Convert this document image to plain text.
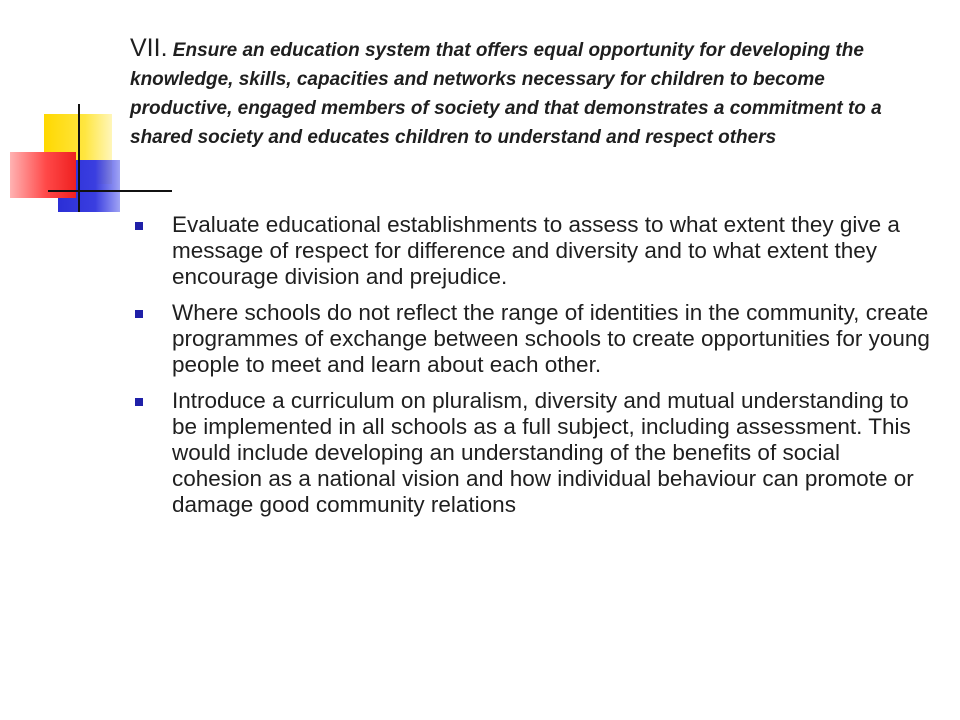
VII. Ensure an education system that offers equal opportunity for developing the knowledge, skills, capacities and networks necessary for children to become productive, engaged members of society and that demonstrates a commitment to a shared society and educates children to understand and respect others
Evaluate educational establishments to assess to what extent they give a message of respect for difference and diversity and to what extent they encourage division and prejudice.
Where schools do not reflect the range of identities in the community, create programmes of exchange between schools to create opportunities for young people to meet and learn about each other.
Introduce a curriculum on pluralism, diversity and mutual understanding to be implemented in all schools as a full subject, including assessment. This would include developing an understanding of the benefits of social cohesion as a national vision and how individual behaviour can promote or damage good community relations
